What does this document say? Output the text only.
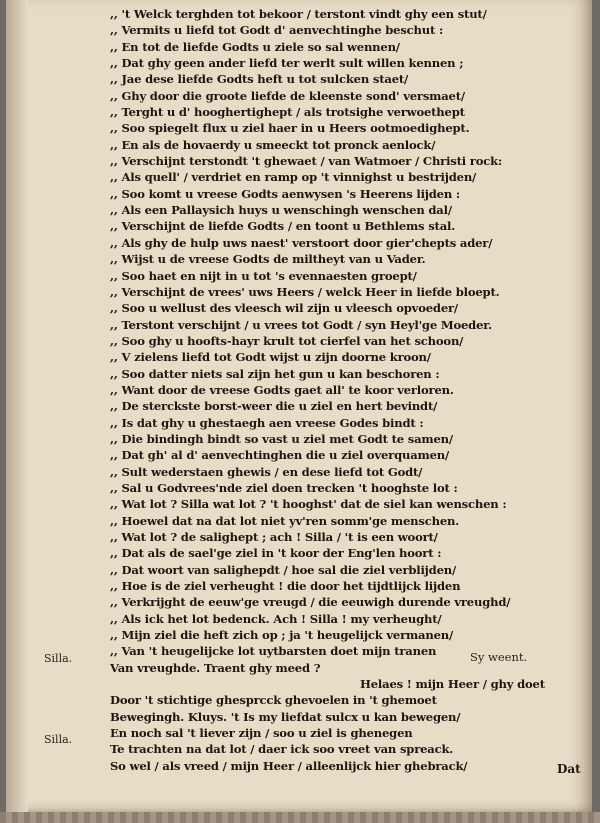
,, 't Welck terghden tot bekoor / terstont vindt ghy een stut/
,, Vermits u liefd tot Godt d' aenvechtinghe beschut :
,, En tot de liefde Godts u ziele so sal wennen/
,, Dat ghy geen ander liefd ter werlt sult willen kennen ;
,, Jae dese liefde Godts heft u tot sulcken staet/
,, Ghy door die groote liefde de kleenste sond' versmaet/
,, Terght u d' hooghertighept / als trotsighe verwoethept
,, Soo spiegelt flux u ziel haer in u Heers ootmoedighept.
,, En als de hovaerdy u smeeckt tot pronck aenlock/
,, Verschijnt terstondt 't ghewaet / van Watmoer / Christi rock:
,, Als quell' / verdriet en ramp op 't vinnighst u bestrijden/
,, Soo komt u vreese Godts aenwysen 's Heerens lijden :
,, Als een Pallaysich huys u wenschingh wenschen dal/
,, Verschijnt de liefde Godts / en toont u Bethlems stal.
,, Als ghy de hulp uws naest' verstoort door gier'chepts ader/
,, Wijst u de vreese Godts de miltheyt van u Vader.
,, Soo haet en nijt in u tot 's evennaesten groept/
,, Verschijnt de vrees' uws Heers / welck Heer in liefde bloept.
,, Soo u wellust des vleesch wil zijn u vleesch opvoeder/
,, Terstont verschijnt / u vrees tot Godt / syn Heyl'ge Moeder.
,, Soo ghy u hoofts-hayr krult tot cierfel van het schoon/
,, V zielens liefd tot Godt wijst u zijn doorne kroon/
,, Soo datter niets sal zijn het gun u kan beschoren :
,, Want door de vreese Godts gaet all' te koor verloren.
,, De sterckste borst-weer die u ziel en hert bevindt/
,, Is dat ghy u ghestaegh aen vreese Godes bindt :
,, Die bindingh bindt so vast u ziel met Godt te samen/
,, Dat gh' al d' aenvechtinghen die u ziel overquamen/
,, Sult wederstaen ghewis / en dese liefd tot Godt/
,, Sal u Godvrees'nde ziel doen trecken 't hooghste lot :
,, Wat lot ? Silla wat lot ? 't hooghst' dat de siel kan wenschen :
,, Hoewel dat na dat lot niet yv'ren somm'ge menschen.
,, Wat lot ? de salighept ; ach ! Silla / 't is een woort/
,, Dat als de sael'ge ziel in 't koor der Eng'len hoort :
,, Dat woort van salighepdt / hoe sal die ziel verblijden/
,, Hoe is de ziel verheught ! die door het tijdtlijck lijden
,, Verkrijght de eeuw'ge vreugd / die eeuwigh durende vreughd/
,, Als ick het lot bedenck. Ach ! Silla ! my verheught/
,, Mijn ziel die heft zich op ; ja 't heugelijck vermanen/
,, Van 't heugelijcke lot uytbarsten doet mijn tranen
Van vreughde. Traent ghy meed ?
Helaes ! mijn Heer / ghy doet
Door 't stichtige ghesprcck ghevoelen in 't ghemoet
Bewegingh. Kluys. 't Is my liefdat sulcx u kan bewegen/
En noch sal 't liever zijn / soo u ziel is ghenegen
Te trachten na dat lot / daer ick soo vreet van spreack.
So wel / als vreed / mijn Heer / alleenlijck hier ghebrack/
Silla.
Silla.
Sy weent.
Dat
